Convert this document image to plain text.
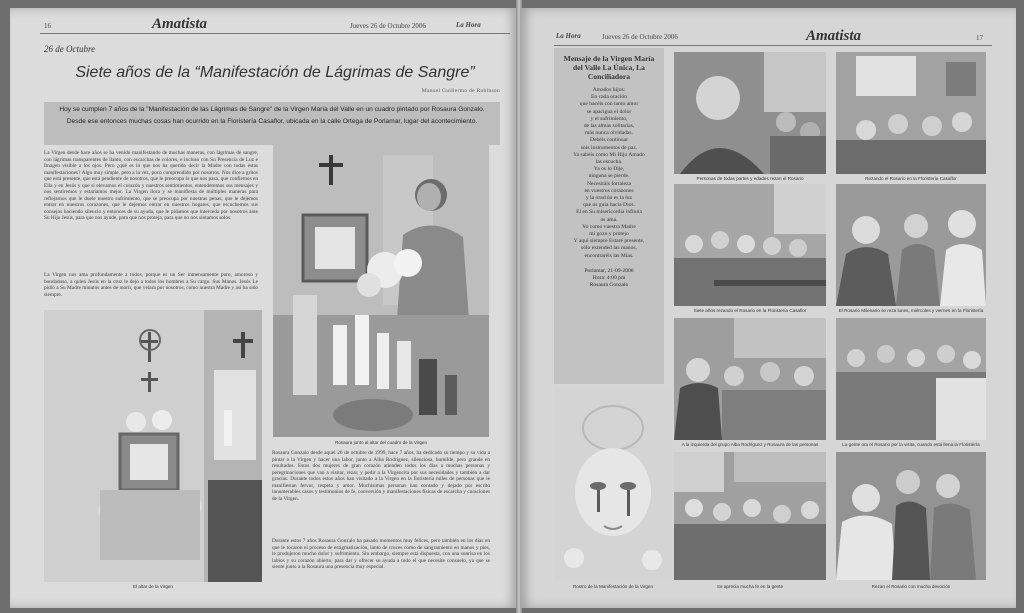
16	Amatista	Jueves 26 de Octubre 2006	La Hora
26 de Octubre
Siete años de la “Manifestación de Lágrimas de Sangre”
Manuel Guillermo de Robinson

Hoy se cumplen 7 años de la "Manifestación de las Lágrimas de Sangre" de la Virgen María del Valle en un cuadro pintado por Rosaura Gonzalo.

Desde ese entonces muchas cosas han ocurrido en la Floristería Casaflor, ubicada en la calle Ortega de Porlamar, lugar del acontecimiento.

La Virgen desde hace años se ha venido manifestando de muchas maneras, con lágrimas de sangre, con lágrimas transparentes de llanto, con escarchas de colores, e incluso con Su Presencia de Luz e Imagen visible a los ojos. Pero ¿qué es lo que nos ha querido decir la Madre con todas estas manifestaciones? Algo muy simple, pero a la vez, poco comprendido por nosotros. Nos dice a gritos que está presente, que está pendiente de nosotros, que le preocupa lo que nos pasa, que confiemos en Ella y en Jesús y que si elevamos el corazón y nuestros sentimientos, entenderemos sus mensajes y nos sentiremos y estaríamos mejor. La Virgen llora y se manifiesta de múltiples maneras para reflejarnos que le duele nuestro sufrimiento, que se preocupa por nuestras penas, que le dejemos entrar en nuestros corazones, que le dejemos entrar en nuestros hogares, que escuchemos sus consejos haciendo silencio y entonces de su ayuda, que le pidamos que interceda por nosotros ante Su Hijo Jesús, para que nos ayude, para que nos proteja, para que no nos sintamos solos.
La Virgen nos ama profundamente a todos, porque es un Ser inmensamente puro, amoroso y bondadoso, a quien Jesús en la cruz le dejó a todos los hombres a Su cargo. Sus Manos. Jesús Le pidió a Su Madre minutos antes de morir, que velara por nosotros, como nuestra Madre y así ha sido siempre.
Rosaura junto al altar del cuadro de la Virgen
El altar de la Virgen
Rosaura Gonzalo desde aquel 26 de octubre de 1999, hace 7 años, ha dedicado su tiempo y su vida a pintar a la Virgen y hacer una labor, junto a Alba Rodríguez, silenciosa, humilde, pero grande en resultados. Estos dos mujeres de gran corazón atienden todos los días a muchas personas y peregrinaciones que van a visitar, rezar, y pedir a la Virgencita por sus necesidades y también a dar gracias. Durante todos estos años han visitado a la Virgen en la floristería miles de personas que le manifiestan fervor, respeto y amor. Muchísimas personas han contado y dejado por escrito innumerables casos y testimonios de fe, conversión y manifestaciones físicas de escarcha y curaciones de la Virgen.
Durante estos 7 años Rosaura Gonzalo ha pasado momentos muy felices, pero también en los días en que le tocaron el proceso de estigmatización, lanto de cruces como de sangramiento en manos y pies, le produjeron mucho dolor y sufrimiento. Sin embargo, siempre está dispuesta, con una sonrisa en los labios y su corazón abierto, para dar y ofrecer su ayuda a todo el que necesite consuelo, ya que se siente junto a la Rosaura una presencia muy especial.
La Hora	Jueves 26 de Octubre 2006	Amatista	17
Mensaje de la Virgen María del Valle La Única, La Conciliadora
Amados hijos:
En cada oración
que hacéis con tanto amor
se apacigua el dolor
y el sufrimiento,
de las almas solitarias,
más nunca olvidadas.
Debéis continuar
sois instrumentos de paz.
Ya sabéis como Mi Hijo Amado
las escucha.
Ya os lo Dije,
ninguna se pierde.
Necesitáis fortaleza
en vuestros corazones
y la oración es la luz
que os guía hacia Dios.
El en Su misericordia infinita
os ama.
Yo como vuestra Madre
mi gozo y protejo
Y aquí siempre Estaré presente,
sólo extended las manos,
encontraréis las Mías.
Porlamar, 21-09-2006
Hora: 4:00 pm
Rosaura Gonzalo
Rostro de la Manifestación de la Virgen
Personas de todas partes y edades rezan el Rosario	Rezando el Rosario en la Floristería Casaflor
Siete años rezando el Rosario en la Floristería Casaflor	El Rosario Milenario se reza lunes, miércoles y viernes en la Floristería
A la izquierda del grupo Alba Rodríguez y Rosaura de las personas	La gente ora el Rosario por la visita, cuando está llena la Floristería
Se aprecia mucha fe en la gente	Rezan el Rosario con mucha devoción
